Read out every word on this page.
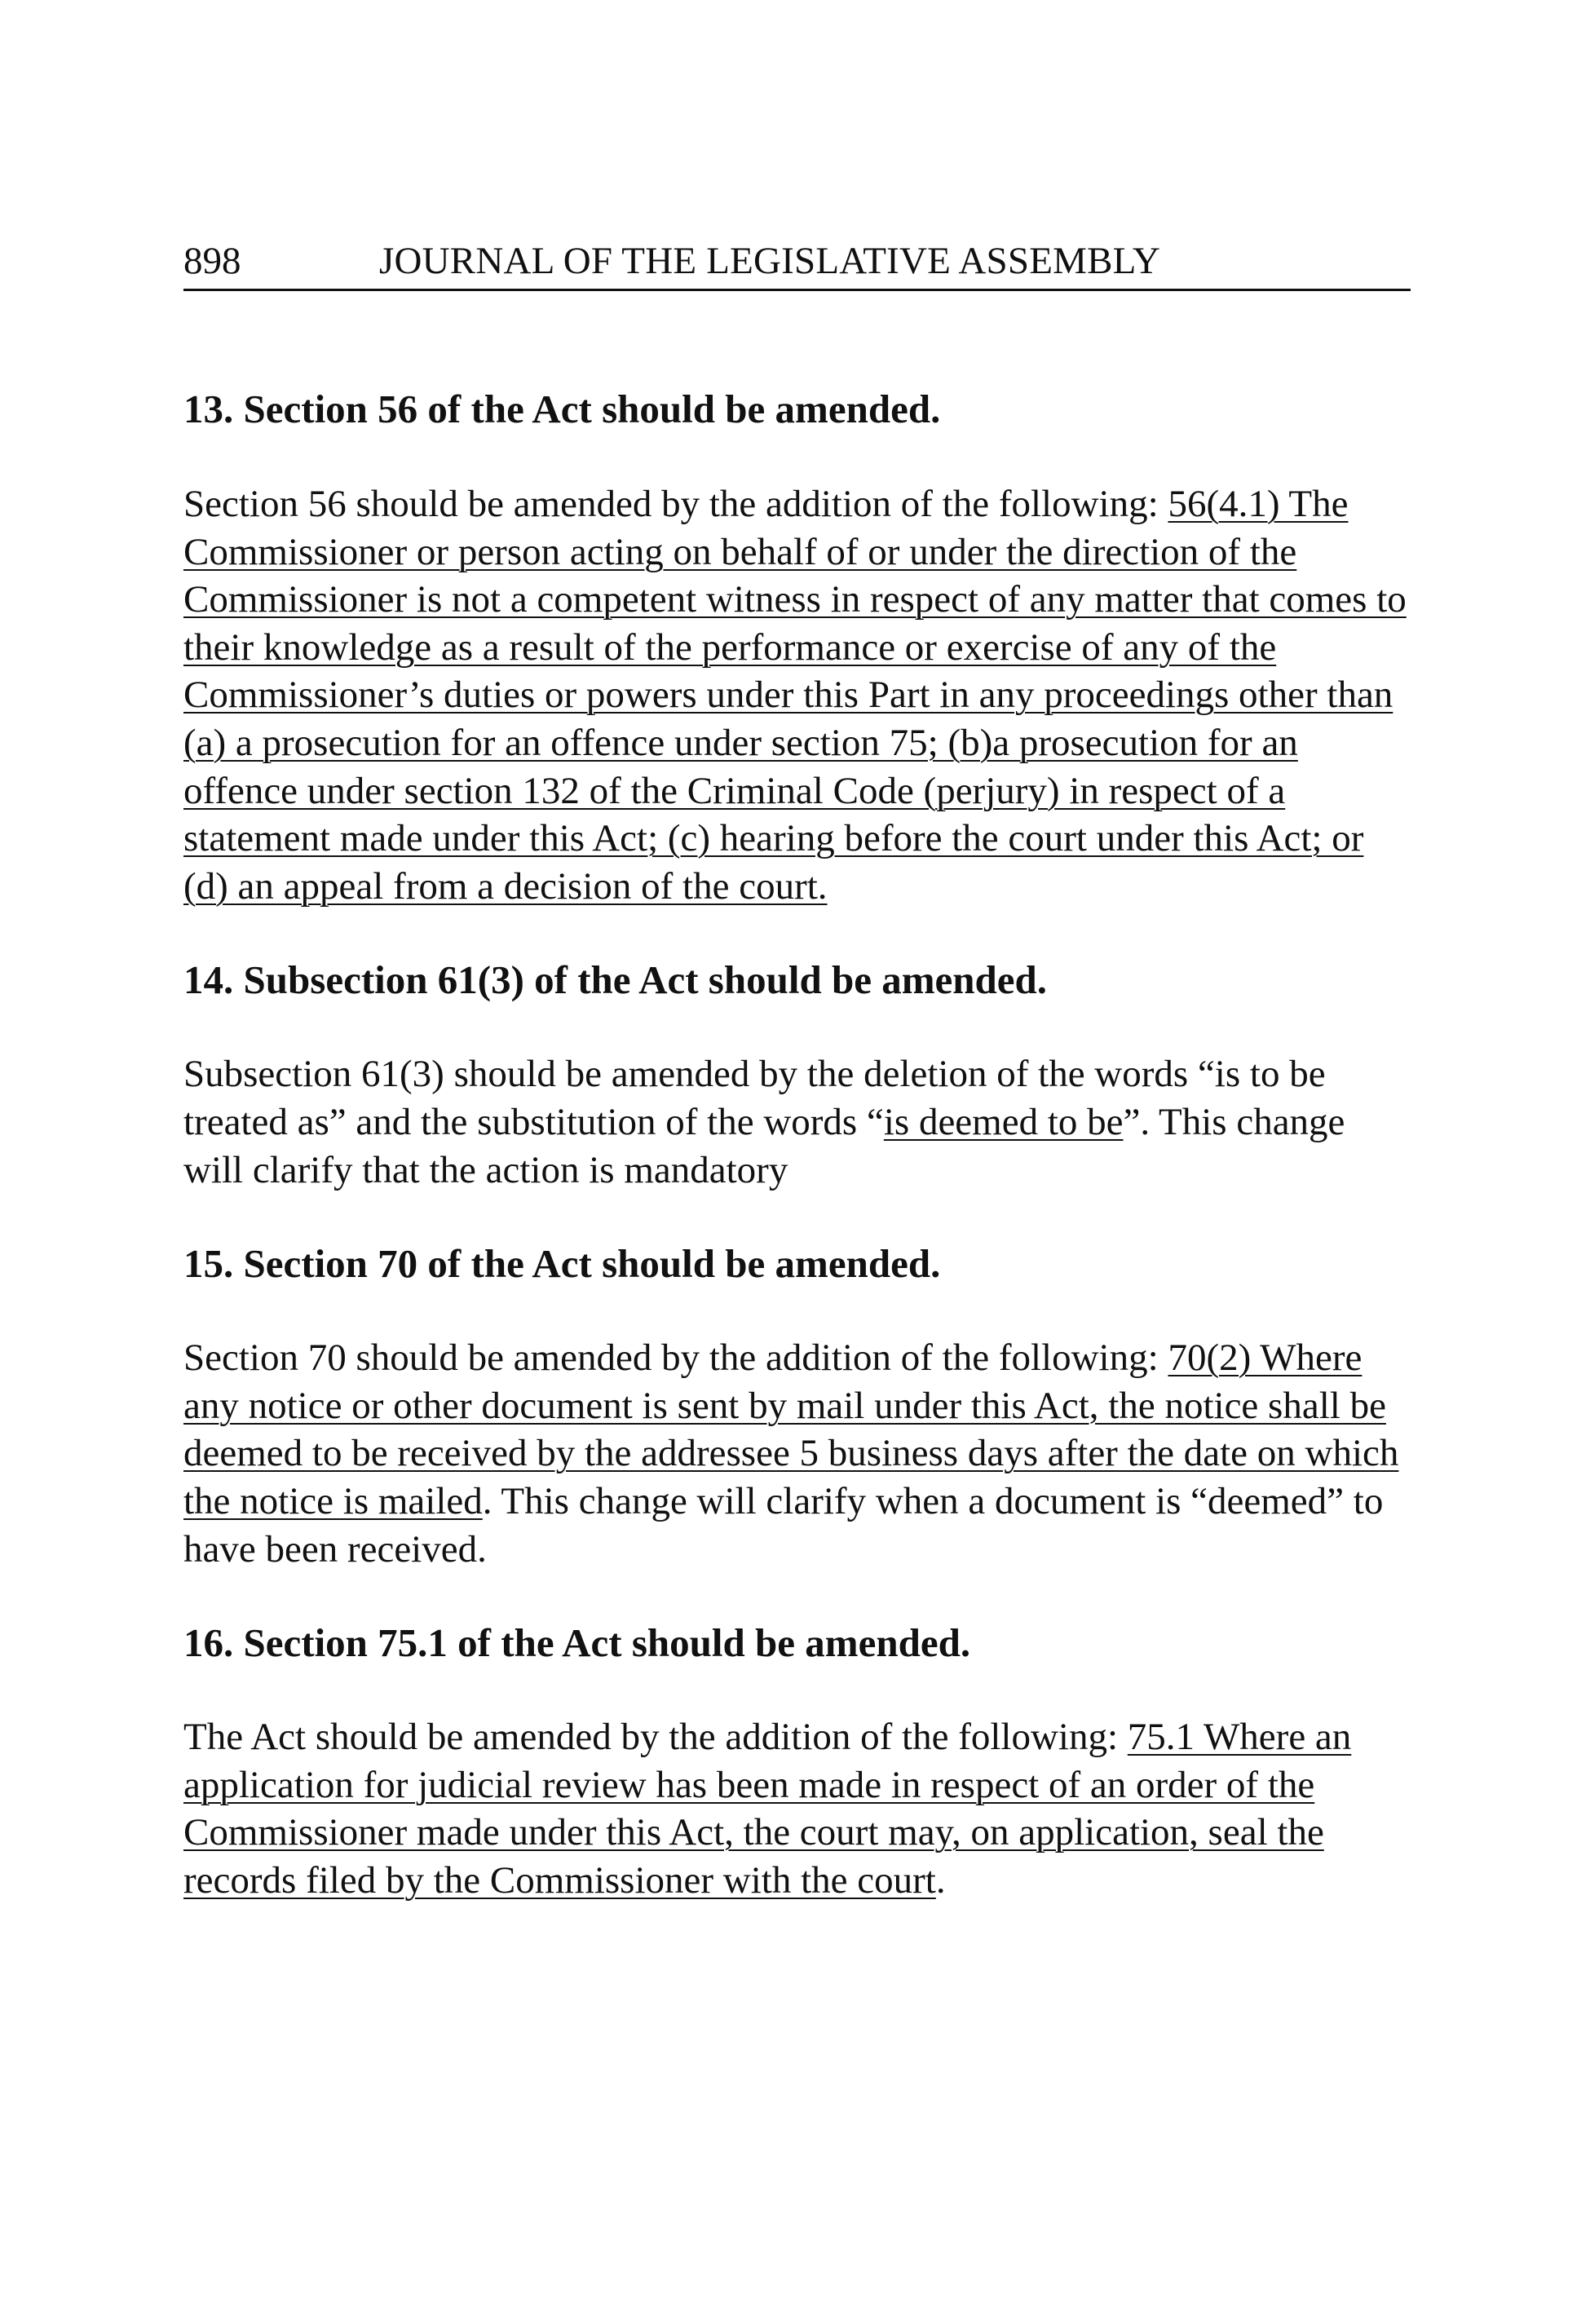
898	JOURNAL OF THE LEGISLATIVE ASSEMBLY
13. Section 56 of the Act should be amended.

Section 56 should be amended by the addition of the following: 56(4.1) The Commissioner or person acting on behalf of or under the direction of the Commissioner is not a competent witness in respect of any matter that comes to their knowledge as a result of the performance or exercise of any of the Commissioner’s duties or powers under this Part in any proceedings other than (a) a prosecution for an offence under section 75; (b)a prosecution for an offence under section 132 of the Criminal Code (perjury) in respect of a statement made under this Act; (c) hearing before the court under this Act; or (d) an appeal from a decision of the court.

14. Subsection 61(3) of the Act should be amended.

Subsection 61(3) should be amended by the deletion of the words “is to be treated as” and the substitution of the words “is deemed to be”. This change will clarify that the action is mandatory

15. Section 70 of the Act should be amended.

Section 70 should be amended by the addition of the following: 70(2) Where any notice or other document is sent by mail under this Act, the notice shall be deemed to be received by the addressee 5 business days after the date on which the notice is mailed. This change will clarify when a document is “deemed” to have been received.

16. Section 75.1 of the Act should be amended.

The Act should be amended by the addition of the following: 75.1 Where an application for judicial review has been made in respect of an order of the Commissioner made under this Act, the court may, on application, seal the records filed by the Commissioner with the court.
